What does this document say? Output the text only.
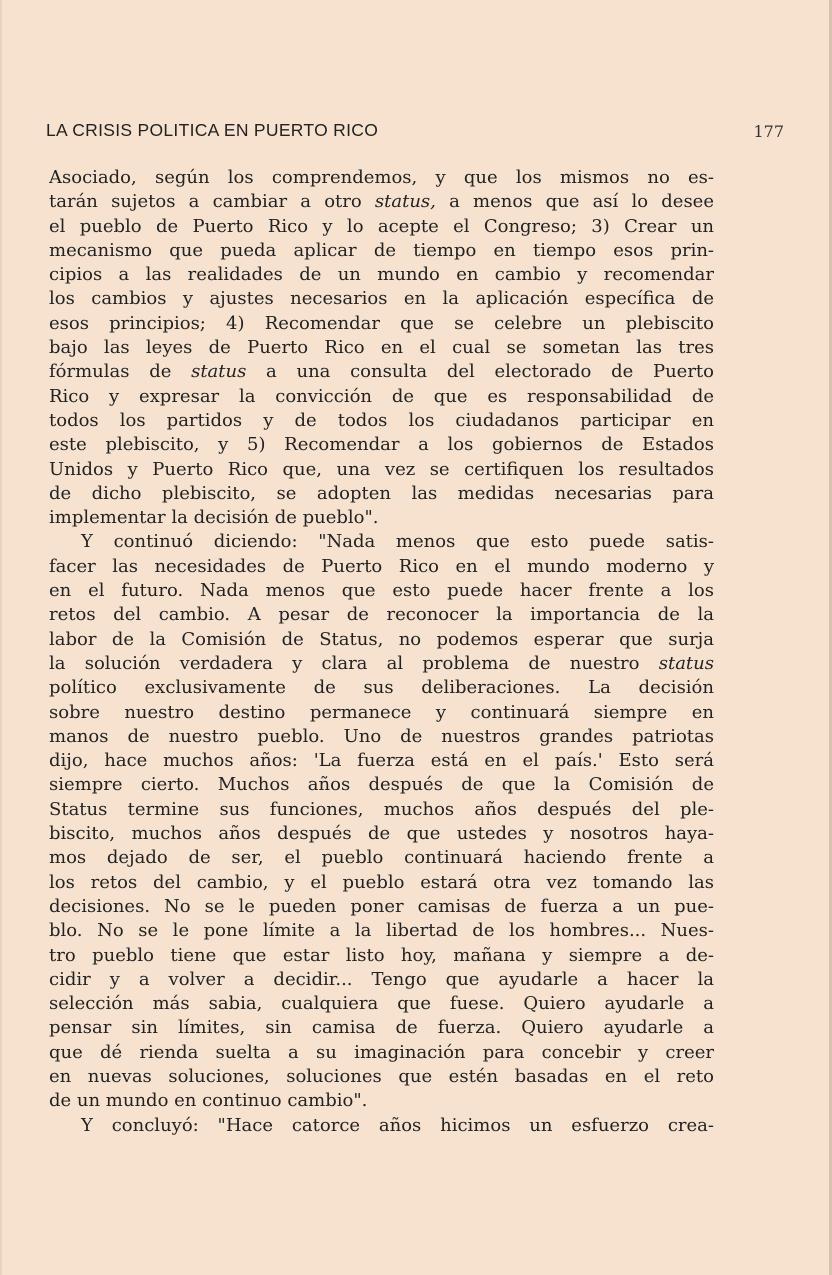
LA CRISIS POLITICA EN PUERTO RICO	177
Asociado, según los comprendemos, y que los mismos no es-
tarán sujetos a cambiar a otro status, a menos que así lo desee
el pueblo de Puerto Rico y lo acepte el Congreso; 3) Crear un
mecanismo que pueda aplicar de tiempo en tiempo esos prin-
cipios a las realidades de un mundo en cambio y recomendar
los cambios y ajustes necesarios en la aplicación específica de
esos principios; 4) Recomendar que se celebre un plebiscito
bajo las leyes de Puerto Rico en el cual se sometan las tres
fórmulas de status a una consulta del electorado de Puerto
Rico y expresar la convicción de que es responsabilidad de
todos los partidos y de todos los ciudadanos participar en
este plebiscito, y 5) Recomendar a los gobiernos de Estados
Unidos y Puerto Rico que, una vez se certifiquen los resultados
de dicho plebiscito, se adopten las medidas necesarias para
implementar la decisión de pueblo".
Y continuó diciendo: "Nada menos que esto puede satis-
facer las necesidades de Puerto Rico en el mundo moderno y
en el futuro. Nada menos que esto puede hacer frente a los
retos del cambio. A pesar de reconocer la importancia de la
labor de la Comisión de Status, no podemos esperar que surja
la solución verdadera y clara al problema de nuestro status
político exclusivamente de sus deliberaciones. La decisión
sobre nuestro destino permanece y continuará siempre en
manos de nuestro pueblo. Uno de nuestros grandes patriotas
dijo, hace muchos años: 'La fuerza está en el país.' Esto será
siempre cierto. Muchos años después de que la Comisión de
Status termine sus funciones, muchos años después del ple-
biscito, muchos años después de que ustedes y nosotros haya-
mos dejado de ser, el pueblo continuará haciendo frente a
los retos del cambio, y el pueblo estará otra vez tomando las
decisiones. No se le pueden poner camisas de fuerza a un pue-
blo. No se le pone límite a la libertad de los hombres... Nues-
tro pueblo tiene que estar listo hoy, mañana y siempre a de-
cidir y a volver a decidir... Tengo que ayudarle a hacer la
selección más sabia, cualquiera que fuese. Quiero ayudarle a
pensar sin límites, sin camisa de fuerza. Quiero ayudarle a
que dé rienda suelta a su imaginación para concebir y creer
en nuevas soluciones, soluciones que estén basadas en el reto
de un mundo en continuo cambio".
Y concluyó: "Hace catorce años hicimos un esfuerzo crea-
